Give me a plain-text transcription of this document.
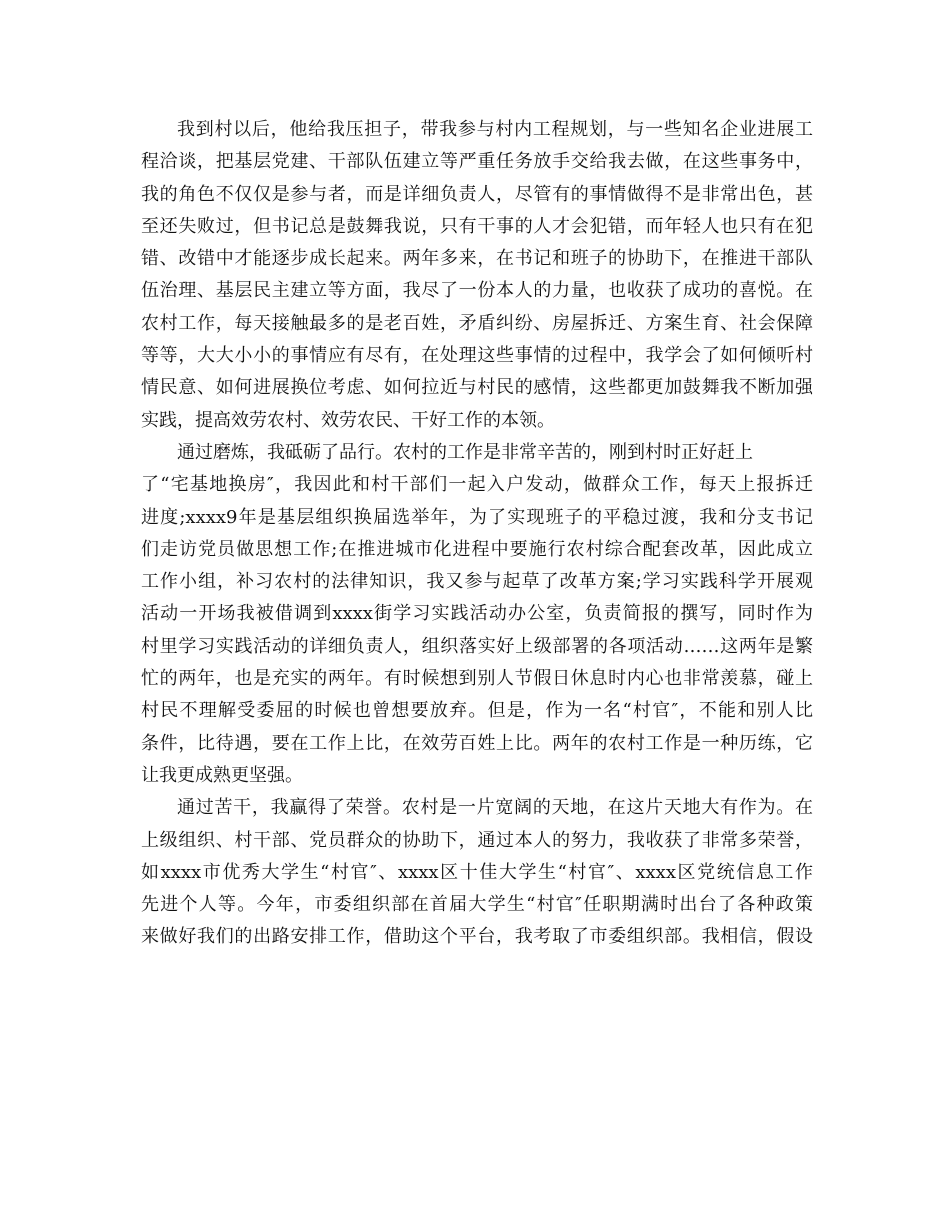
我到村以后，他给我压担子，带我参与村内工程规划，与一些知名企业进展工
程洽谈，把基层党建、干部队伍建立等严重任务放手交给我去做，在这些事务中，
我的角色不仅仅是参与者，而是详细负责人，尽管有的事情做得不是非常出色，甚
至还失败过，但书记总是鼓舞我说，只有干事的人才会犯错，而年轻人也只有在犯
错、改错中才能逐步成长起来。两年多来，在书记和班子的协助下，在推进干部队
伍治理、基层民主建立等方面，我尽了一份本人的力量，也收获了成功的喜悦。在
农村工作，每天接触最多的是老百姓，矛盾纠纷、房屋拆迁、方案生育、社会保障
等等，大大小小的事情应有尽有，在处理这些事情的过程中，我学会了如何倾听村
情民意、如何进展换位考虑、如何拉近与村民的感情，这些都更加鼓舞我不断加强
实践，提高效劳农村、效劳农民、干好工作的本领。
通过磨炼，我砥砺了品行。农村的工作是非常辛苦的，刚到村时正好赶上
了“宅基地换房″，我因此和村干部们一起入户发动，做群众工作，每天上报拆迁
进度;xxxx9年是基层组织换届选举年，为了实现班子的平稳过渡，我和分支书记
们走访党员做思想工作;在推进城市化进程中要施行农村综合配套改革，因此成立
工作小组，补习农村的法律知识，我又参与起草了改革方案;学习实践科学开展观
活动一开场我被借调到xxxx街学习实践活动办公室，负责简报的撰写，同时作为
村里学习实践活动的详细负责人，组织落实好上级部署的各项活动……这两年是繁
忙的两年，也是充实的两年。有时候想到别人节假日休息时内心也非常羡慕，碰上
村民不理解受委屈的时候也曾想要放弃。但是，作为一名“村官″，不能和别人比
条件，比待遇，要在工作上比，在效劳百姓上比。两年的农村工作是一种历练，它
让我更成熟更坚强。
通过苦干，我赢得了荣誉。农村是一片宽阔的天地，在这片天地大有作为。在
上级组织、村干部、党员群众的协助下，通过本人的努力，我收获了非常多荣誉，
如xxxx市优秀大学生“村官″、xxxx区十佳大学生“村官″、xxxx区党统信息工作
先进个人等。今年，市委组织部在首届大学生“村官″任职期满时出台了各种政策
来做好我们的出路安排工作，借助这个平台，我考取了市委组织部。我相信，假设
